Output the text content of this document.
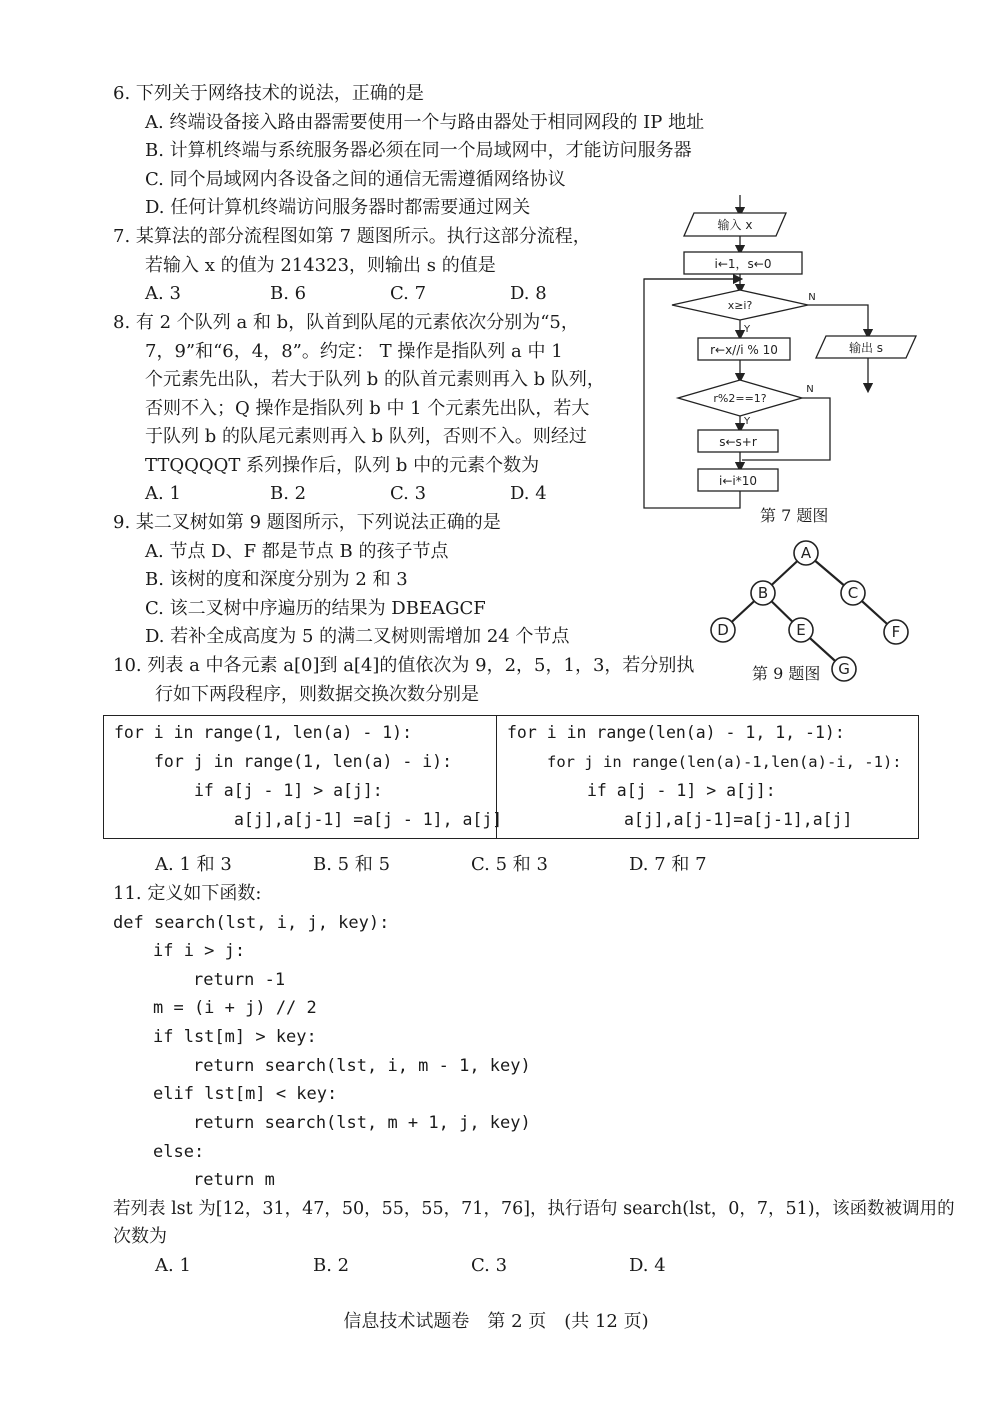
6. 下列关于网络技术的说法，正确的是
A. 终端设备接入路由器需要使用一个与路由器处于相同网段的 IP 地址
B. 计算机终端与系统服务器必须在同一个局域网中，才能访问服务器
C. 同个局域网内各设备之间的通信无需遵循网络协议
D. 任何计算机终端访问服务器时都需要通过网关
7. 某算法的部分流程图如第 7 题图所示。执行这部分流程，
若输入 x 的值为 214323，则输出 s 的值是
A. 3	B. 6	C. 7	D. 8
8. 有 2 个队列 a 和 b，队首到队尾的元素依次分别为“5，
7，9”和“6，4，8”。约定： T 操作是指队列 a 中 1
个元素先出队，若大于队列 b 的队首元素则再入 b 队列，
否则不入；Q 操作是指队列 b 中 1 个元素先出队，若大
于队列 b 的队尾元素则再入 b 队列，否则不入。则经过
TTQQQQT 系列操作后，队列 b 中的元素个数为
A. 1	B. 2	C. 3	D. 4
输入 x
i←1，s←0
x≥i?
Y
N
r←x//i % 10	输出 s
r%2==1?
N
Y
s←s+r
i←i*10
第 7 题图
9. 某二叉树如第 9 题图所示，下列说法正确的是
A. 节点 D、F 都是节点 B 的孩子节点
B. 该树的度和深度分别为 2 和 3
C. 该二叉树中序遍历的结果为 DBEAGCF
D. 若补全成高度为 5 的满二叉树则需增加 24 个节点
A
B	C
D	E	F
G
第 9 题图
10. 列表 a 中各元素 a[0]到 a[4]的值依次为 9，2，5，1，3，若分别执
行如下两段程序，则数据交换次数分别是
for i in range(1, len(a) - 1):
for j in range(1, len(a) - i):
if a[j - 1] > a[j]:
a[j],a[j-1] =a[j - 1], a[j]
for i in range(len(a) - 1, 1, -1):
for j in range(len(a)-1,len(a)-i, -1):
if a[j - 1] > a[j]:
a[j],a[j-1]=a[j-1],a[j]
A. 1 和 3	B. 5 和 5	C. 5 和 3	D. 7 和 7
11. 定义如下函数:
def search(lst, i, j, key):
if i > j:
return -1
m = (i + j) // 2
if lst[m] > key:
return search(lst, i, m - 1, key)
elif lst[m] < key:
return search(lst, m + 1, j, key)
else:
return m
若列表 lst 为[12，31，47，50，55，55，71，76]，执行语句 search(lst，0，7，51)，该函数被调用的
次数为
A. 1	B. 2	C. 3	D. 4
信息技术试题卷　第 2 页　(共 12 页)
